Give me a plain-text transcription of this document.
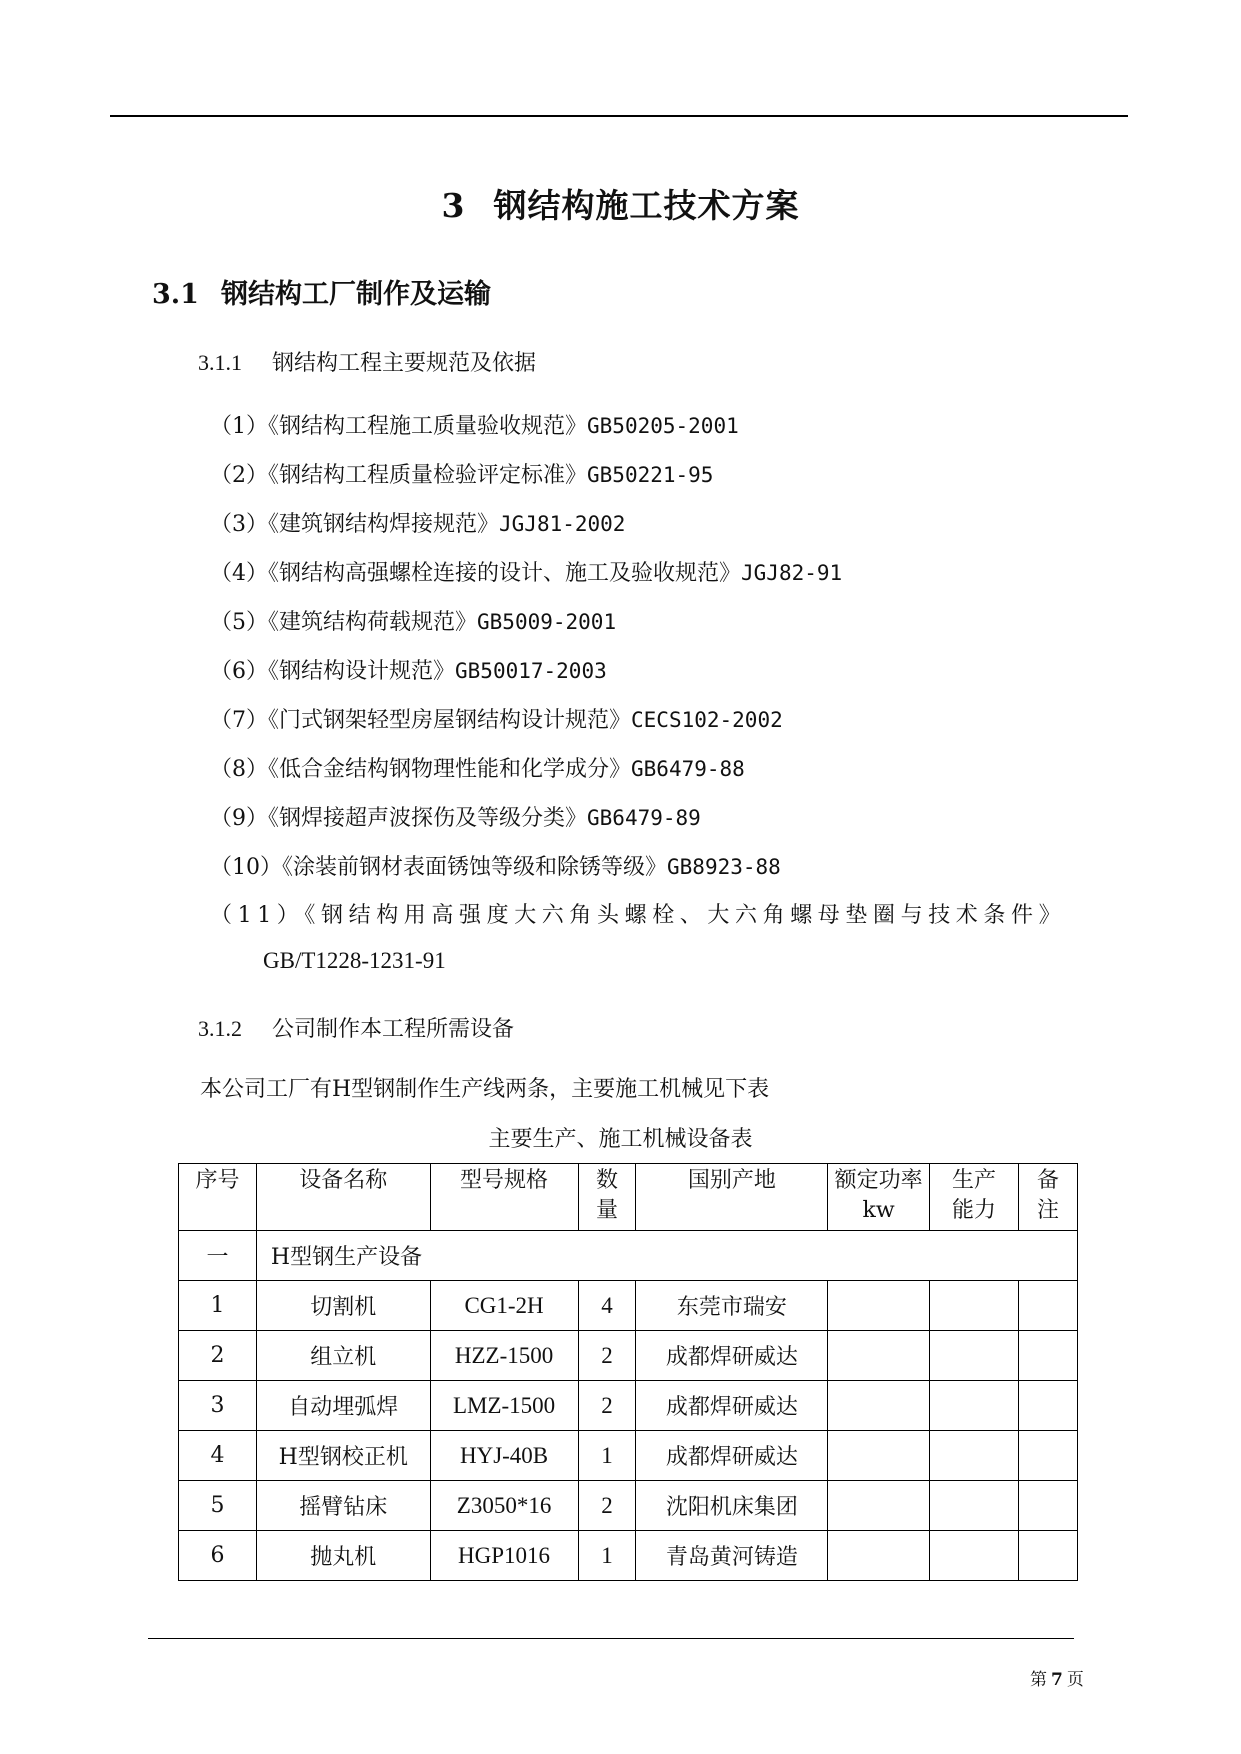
3 钢结构施工技术方案
3.1 钢结构工厂制作及运输
3.1.1 钢结构工程主要规范及依据
（1）《钢结构工程施工质量验收规范》GB50205-2001
（2）《钢结构工程质量检验评定标准》GB50221-95
（3）《建筑钢结构焊接规范》JGJ81-2002
（4）《钢结构高强螺栓连接的设计、施工及验收规范》JGJ82-91
（5）《建筑结构荷载规范》GB5009-2001
（6）《钢结构设计规范》GB50017-2003
（7）《门式钢架轻型房屋钢结构设计规范》CECS102-2002
（8）《低合金结构钢物理性能和化学成分》GB6479-88
（9）《钢焊接超声波探伤及等级分类》GB6479-89
（10）《涂装前钢材表面锈蚀等级和除锈等级》GB8923-88
（11）《钢结构用高强度大六角头螺栓、大六角螺母垫圈与技术条件》
GB/T1228-1231-91
3.1.2 公司制作本工程所需设备
本公司工厂有H型钢制作生产线两条，主要施工机械见下表
主要生产、施工机械设备表
序号	设备名称	型号规格	数量	国别产地	额定功率kw	生产能力	备注
一	H型钢生产设备						
1	切割机	CG1-2H	4	东莞市瑞安			
2	组立机	HZZ-1500	2	成都焊研威达			
3	自动埋弧焊	LMZ-1500	2	成都焊研威达			
4	H型钢校正机	HYJ-40B	1	成都焊研威达			
5	摇臂钻床	Z3050*16	2	沈阳机床集团			
6	抛丸机	HGP1016	1	青岛黄河铸造			
第 7 页
